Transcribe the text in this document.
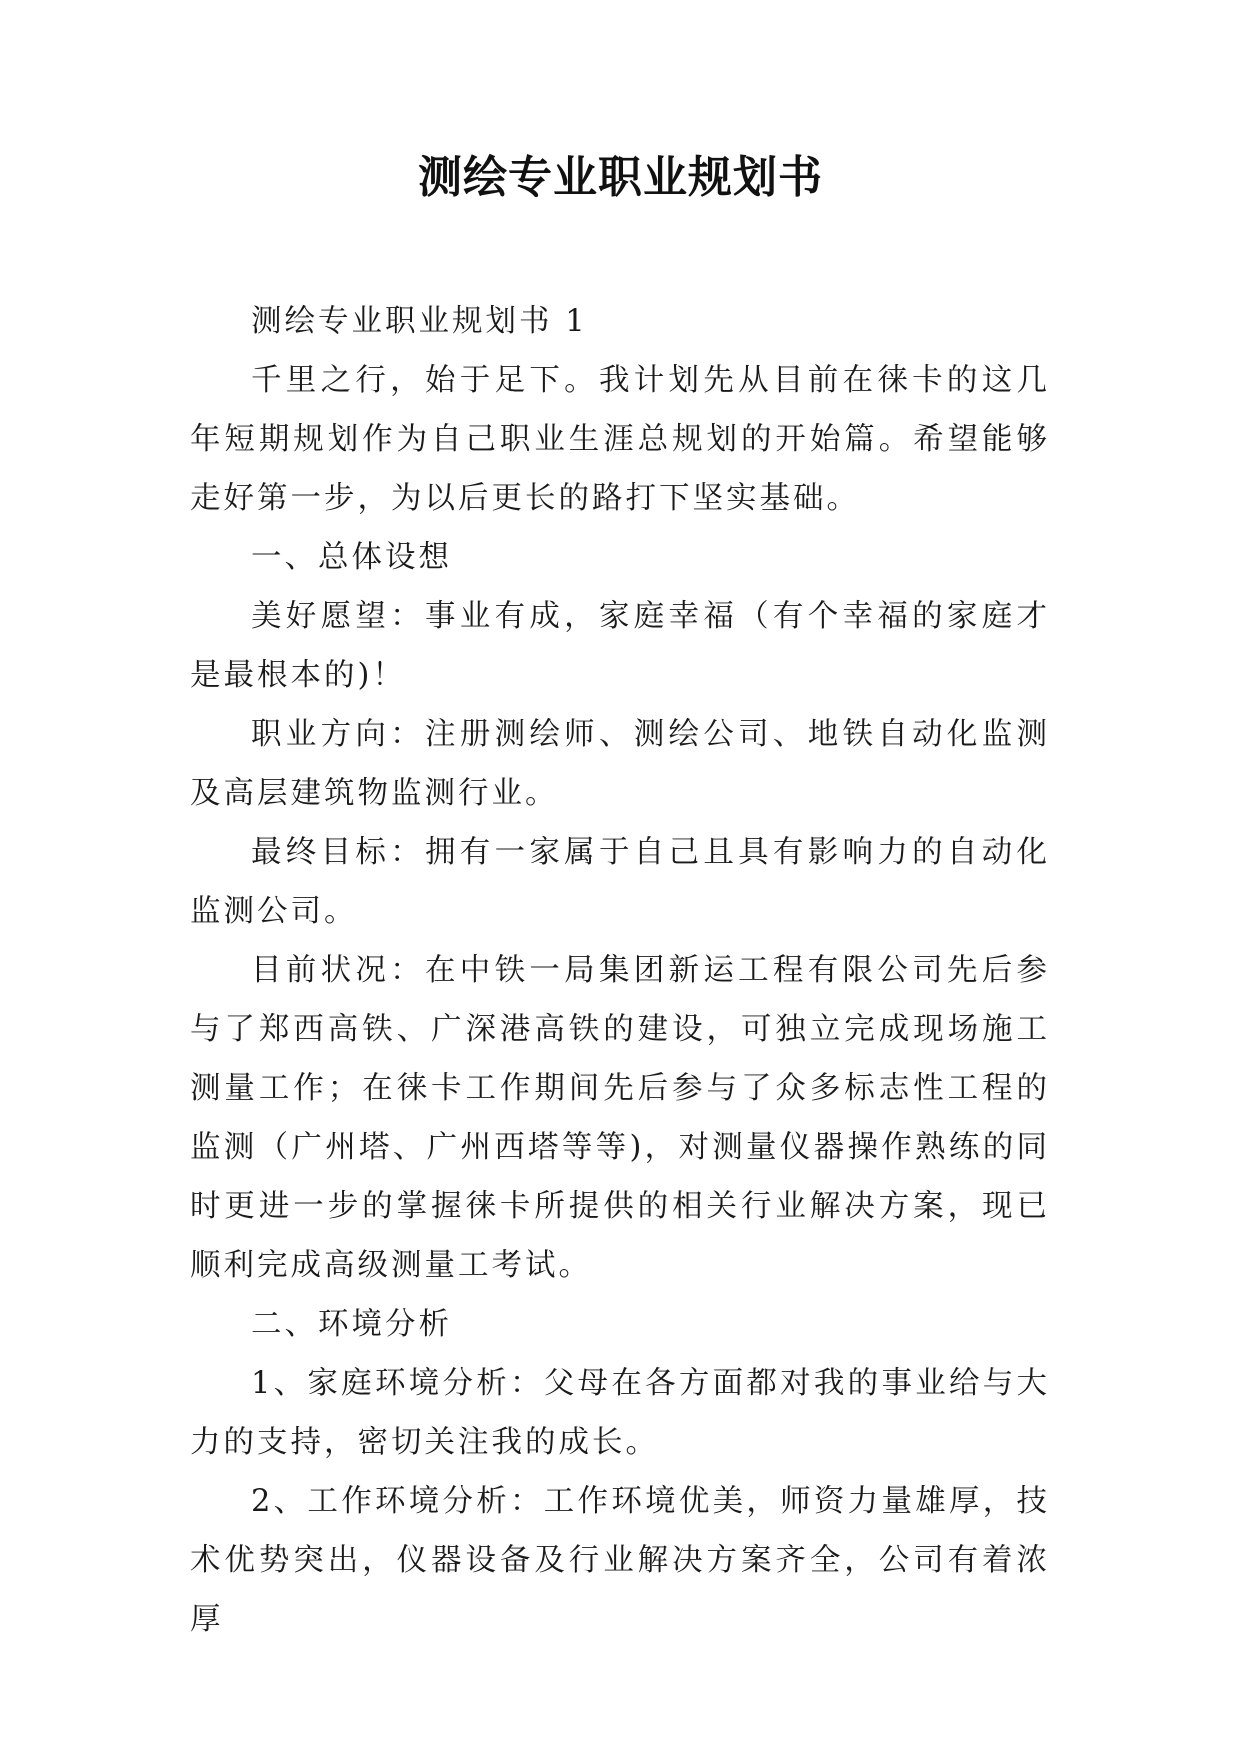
测绘专业职业规划书

测绘专业职业规划书 1

千里之行，始于足下。我计划先从目前在徕卡的这几年短期规划作为自己职业生涯总规划的开始篇。希望能够走好第一步，为以后更长的路打下坚实基础。

一、总体设想

美好愿望：事业有成，家庭幸福（有个幸福的家庭才是最根本的)！

职业方向：注册测绘师、测绘公司、地铁自动化监测及高层建筑物监测行业。

最终目标：拥有一家属于自己且具有影响力的自动化监测公司。

目前状况：在中铁一局集团新运工程有限公司先后参与了郑西高铁、广深港高铁的建设，可独立完成现场施工测量工作；在徕卡工作期间先后参与了众多标志性工程的监测（广州塔、广州西塔等等)，对测量仪器操作熟练的同时更进一步的掌握徕卡所提供的相关行业解决方案，现已顺利完成高级测量工考试。

二、环境分析

1、家庭环境分析：父母在各方面都对我的事业给与大力的支持，密切关注我的成长。

2、工作环境分析：工作环境优美，师资力量雄厚，技术优势突出，仪器设备及行业解决方案齐全，公司有着浓厚
